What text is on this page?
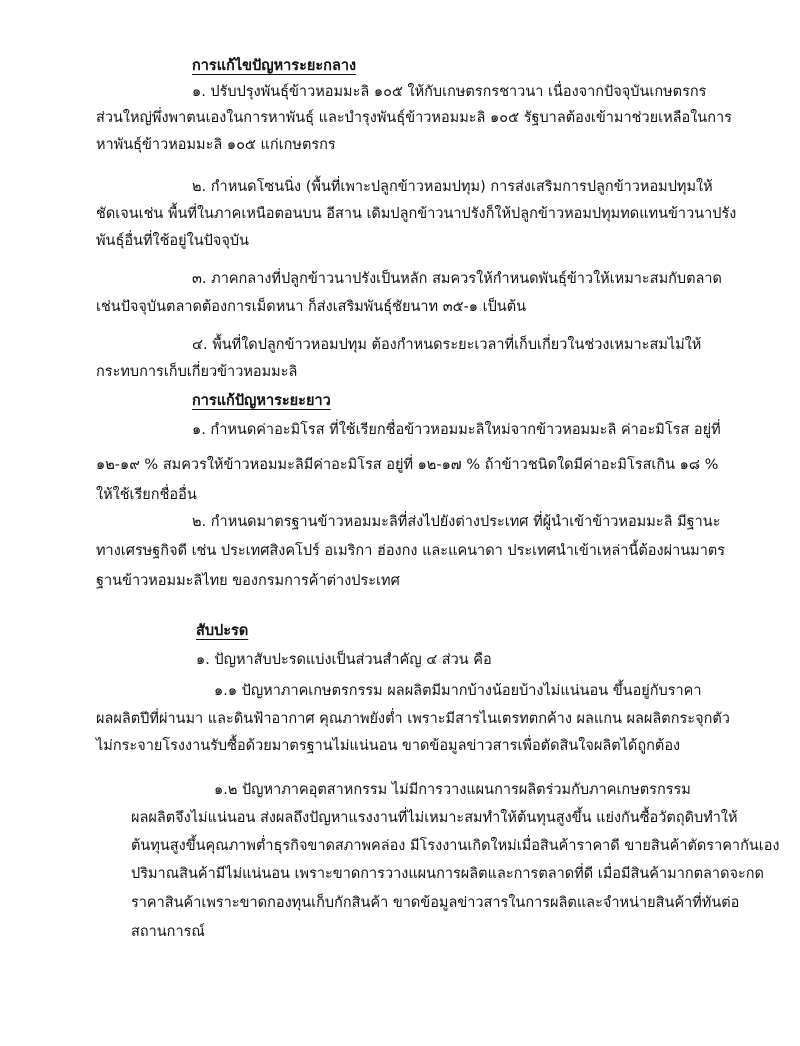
การแก้ไขปัญหาระยะกลาง
๑. ปรับปรุงพันธุ์ข้าวหอมมะลิ ๑๐๕ ให้กับเกษตรกรชาวนา เนื่องจากปัจจุบันเกษตรกร
ส่วนใหญ่พึ่งพาตนเองในการหาพันธุ์ และบำรุงพันธุ์ข้าวหอมมะลิ ๑๐๕ รัฐบาลต้องเข้ามาช่วยเหลือในการ
หาพันธุ์ข้าวหอมมะลิ ๑๐๕ แก่เกษตรกร
๒. กำหนดโซนนิ่ง (พื้นที่เพาะปลูกข้าวหอมปทุม) การส่งเสริมการปลูกข้าวหอมปทุมให้
ชัดเจนเช่น พื้นที่ในภาคเหนือตอนบน อีสาน เดิมปลูกข้าวนาปรังก็ให้ปลูกข้าวหอมปทุมทดแทนข้าวนาปรัง
พันธุ์อื่นที่ใช้อยู่ในปัจจุบัน
๓. ภาคกลางที่ปลูกข้าวนาปรังเป็นหลัก สมควรให้กำหนดพันธุ์ข้าวให้เหมาะสมกับตลาด
เช่นปัจจุบันตลาดต้องการเม็ดหนา ก็ส่งเสริมพันธุ์ชัยนาท ๓๕-๑ เป็นต้น
๔. พื้นที่ใดปลูกข้าวหอมปทุม ต้องกำหนดระยะเวลาที่เก็บเกี่ยวในช่วงเหมาะสมไม่ให้
กระทบการเก็บเกี่ยวข้าวหอมมะลิ
การแก้ปัญหาระยะยาว
๑. กำหนดค่าอะมิโรส ที่ใช้เรียกชื่อข้าวหอมมะลิใหม่จากข้าวหอมมะลิ ค่าอะมิโรส อยู่ที่
๑๒-๑๙ % สมควรให้ข้าวหอมมะลิมีค่าอะมิโรส อยู่ที่ ๑๒-๑๗ % ถ้าข้าวชนิดใดมีค่าอะมิโรสเกิน ๑๘ %
ให้ใช้เรียกชื่ออื่น
๒. กำหนดมาตรฐานข้าวหอมมะลิที่ส่งไปยังต่างประเทศ ที่ผู้นำเข้าข้าวหอมมะลิ มีฐานะ
ทางเศรษฐกิจดี เช่น ประเทศสิงคโปร์ อเมริกา ฮ่องกง และแคนาดา ประเทศนำเข้าเหล่านี้ต้องผ่านมาตร
ฐานข้าวหอมมะลิไทย ของกรมการค้าต่างประเทศ
สับปะรด
๑. ปัญหาสับปะรดแบ่งเป็นส่วนสำคัญ ๔ ส่วน คือ
๑.๑ ปัญหาภาคเกษตรกรรม ผลผลิตมีมากบ้างน้อยบ้างไม่แน่นอน ขึ้นอยู่กับราคา
ผลผลิตปีที่ผ่านมา และดินฟ้าอากาศ คุณภาพยังต่ำ เพราะมีสารไนเตรทตกค้าง ผลแกน ผลผลิตกระจุกตัว
ไม่กระจายโรงงานรับซื้อด้วยมาตรฐานไม่แน่นอน ขาดข้อมูลข่าวสารเพื่อตัดสินใจผลิตได้ถูกต้อง
๑.๒ ปัญหาภาคอุตสาหกรรม ไม่มีการวางแผนการผลิตร่วมกับภาคเกษตรกรรม
ผลผลิตจึงไม่แน่นอน ส่งผลถึงปัญหาแรงงานที่ไม่เหมาะสมทำให้ต้นทุนสูงขึ้น แย่งกันซื้อวัตถุดิบทำให้
ต้นทุนสูงขึ้นคุณภาพต่ำธุรกิจขาดสภาพคล่อง มีโรงงานเกิดใหม่เมื่อสินค้าราคาดี ขายสินค้าตัดราคากันเอง
ปริมาณสินค้ามีไม่แน่นอน เพราะขาดการวางแผนการผลิตและการตลาดที่ดี เมื่อมีสินค้ามากตลาดจะกด
ราคาสินค้าเพราะขาดกองทุนเก็บกักสินค้า ขาดข้อมูลข่าวสารในการผลิตและจำหน่ายสินค้าที่ทันต่อ
สถานการณ์
